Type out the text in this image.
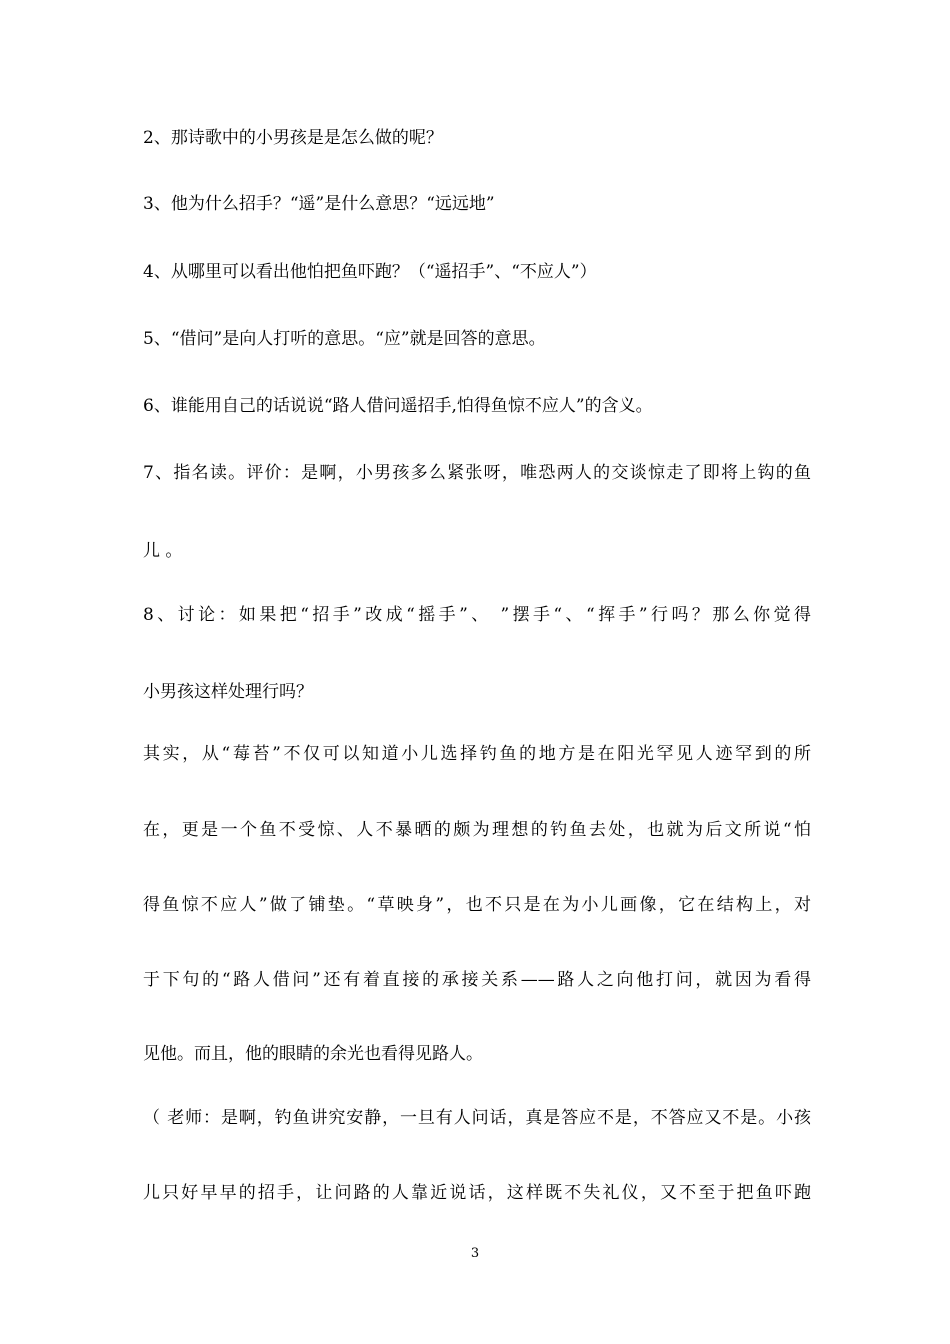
2、那诗歌中的小男孩是是怎么做的呢？
3、他为什么招手？“遥”是什么意思？“远远地”
4、从哪里可以看出他怕把鱼吓跑？（“遥招手”、“不应人”）
5、“借问”是向人打听的意思。“应”就是回答的意思。
6、谁能用自己的话说说“路人借问遥招手,怕得鱼惊不应人”的含义。
7、指名读。评价：是啊，小男孩多么紧张呀，唯恐两人的交谈惊走了即将上钩的鱼
儿 。
8、讨论：如果把“招手”改成“摇手”、 ”摆手“、“挥手”行吗？那么你觉得
小男孩这样处理行吗？
其实，从“莓苔”不仅可以知道小儿选择钓鱼的地方是在阳光罕见人迹罕到的所
在，更是一个鱼不受惊、人不暴晒的颇为理想的钓鱼去处，也就为后文所说“怕
得鱼惊不应人”做了铺垫。“草映身”，也不只是在为小儿画像，它在结构上，对
于下句的“路人借问”还有着直接的承接关系——路人之向他打问，就因为看得
见他。而且，他的眼睛的余光也看得见路人。
（ 老师：是啊，钓鱼讲究安静，一旦有人问话，真是答应不是，不答应又不是。小孩
儿只好早早的招手，让问路的人靠近说话，这样既不失礼仪，又不至于把鱼吓跑
3
